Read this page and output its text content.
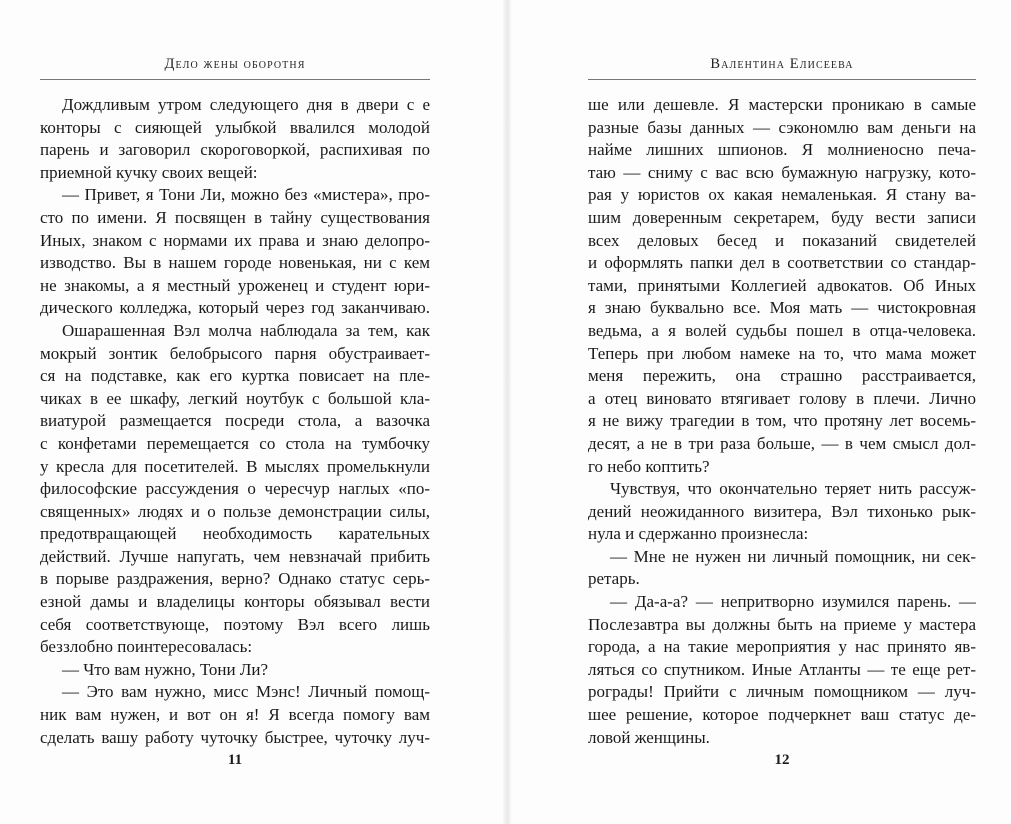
Дело жены оборотня

Дождливым утром следующего дня в двери с е

конторы с сияющей улыбкой ввалился молодой

парень и заговорил скороговоркой, распихивая по

приемной кучку своих вещей:

— Привет, я Тони Ли, можно без «мистера», про-

сто по имени. Я посвящен в тайну существования

Иных, знаком с нормами их права и знаю делопро-

изводство. Вы в нашем городе новенькая, ни с кем

не знакомы, а я местный уроженец и студент юри-

дического колледжа, который через год заканчиваю.

Ошарашенная Вэл молча наблюдала за тем, как

мокрый зонтик белобрысого парня обустраивает-

ся на подставке, как его куртка повисает на пле-

чиках в ее шкафу, легкий ноутбук с большой кла-

виатурой размещается посреди стола, а вазочка

с конфетами перемещается со стола на тумбочку

у кресла для посетителей. В мыслях промелькнули

философские рассуждения о чересчур наглых «по-

священных» людях и о пользе демонстрации силы,

предотвращающей необходимость карательных

действий. Лучше напугать, чем невзначай прибить

в порыве раздражения, верно? Однако статус серь-

езной дамы и владелицы конторы обязывал вести

себя соответствующе, поэтому Вэл всего лишь

беззлобно поинтересовалась:

— Что вам нужно, Тони Ли?

— Это вам нужно, мисс Мэнс! Личный помощ-

ник вам нужен, и вот он я! Я всегда помогу вам

сделать вашу работу чуточку быстрее, чуточку луч-

11
Валентина Елисеева

ше или дешевле. Я мастерски проникаю в самые

разные базы данных — сэкономлю вам деньги на

найме лишних шпионов. Я молниеносно печа-

таю — сниму с вас всю бумажную нагрузку, кото-

рая у юристов ох какая немаленькая. Я стану ва-

шим доверенным секретарем, буду вести записи

всех деловых бесед и показаний свидетелей

и оформлять папки дел в соответствии со стандар-

тами, принятыми Коллегией адвокатов. Об Иных

я знаю буквально все. Моя мать — чистокровная

ведьма, а я волей судьбы пошел в отца-человека.

Теперь при любом намеке на то, что мама может

меня пережить, она страшно расстраивается,

а отец виновато втягивает голову в плечи. Лично

я не вижу трагедии в том, что протяну лет восемь-

десят, а не в три раза больше, — в чем смысл дол-

го небо коптить?

Чувствуя, что окончательно теряет нить рассуж-

дений неожиданного визитера, Вэл тихонько рык-

нула и сдержанно произнесла:

— Мне не нужен ни личный помощник, ни сек-

ретарь.

— Да-а-а? — непритворно изумился парень. —

Послезавтра вы должны быть на приеме у мастера

города, а на такие мероприятия у нас принято яв-

ляться со спутником. Иные Атланты — те еще рет-

рограды! Прийти с личным помощником — луч-

шее решение, которое подчеркнет ваш статус де-

ловой женщины.

12
